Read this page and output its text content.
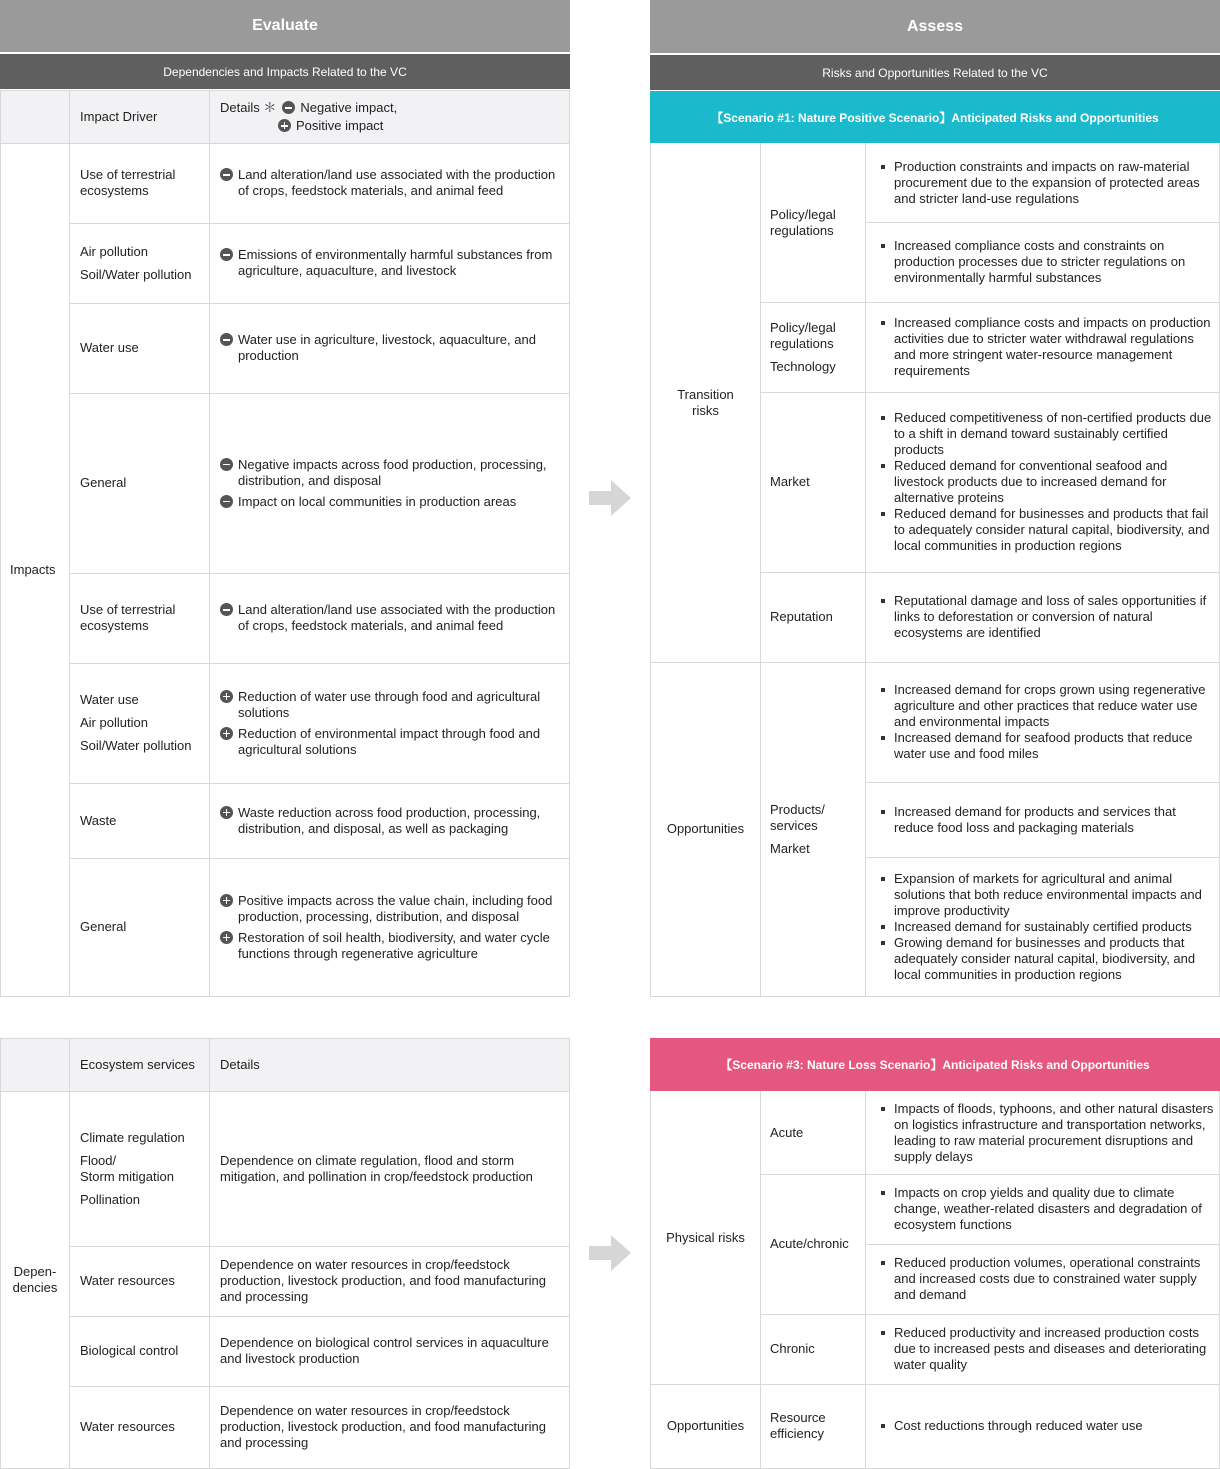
Evaluate
Dependencies and Impacts Related to the VC
Impact Driver
Details ＊ Negative impact,
Positive impact
Impacts
Use of terrestrial ecosystems
Land alteration/land use associated with the production of crops, feedstock materials, and animal feed
Air pollution
Soil/Water pollution
Emissions of environmentally harmful substances from agriculture, aquaculture, and livestock
Water use
Water use in agriculture, livestock, aquaculture, and production
General
Negative impacts across food production, processing, distribution, and disposal
Impact on local communities in production areas
Use of terrestrial ecosystems
Land alteration/land use associated with the production of crops, feedstock materials, and animal feed
Water use
Air pollution
Soil/Water pollution
Reduction of water use through food and agricultural solutions
Reduction of environmental impact through food and agricultural solutions
Waste
Waste reduction across food production, processing, distribution, and disposal, as well as packaging
General
Positive impacts across the value chain, including food production, processing, distribution, and disposal
Restoration of soil health, biodiversity, and water cycle functions through regenerative agriculture
Ecosystem services	Details
Depen-
dencies
Climate regulation
Flood/
Storm mitigation
Pollination
Dependence on climate regulation, flood and storm mitigation, and pollination in crop/feedstock production
Water resources
Dependence on water resources in crop/feedstock production, livestock production, and food manufacturing and processing
Biological control
Dependence on biological control services in aquaculture and livestock production
Water resources
Dependence on water resources in crop/feedstock production, livestock production, and food manufacturing and processing
Assess
Risks and Opportunities Related to the VC
【Scenario #1: Nature Positive Scenario】Anticipated Risks and Opportunities
Transition
risks
Opportunities
Policy/legal
regulations
Policy/legal
regulations
Technology
Market
Reputation
Products/
services
Market
Production constraints and impacts on raw-material procurement due to the expansion of protected areas and stricter land-use regulations
Increased compliance costs and constraints on production processes due to stricter regulations on environmentally harmful substances
Increased compliance costs and impacts on production activities due to stricter water withdrawal regulations and more stringent water-resource management requirements
Reduced competitiveness of non-certified products due to a shift in demand toward sustainably certified products
Reduced demand for conventional seafood and livestock products due to increased demand for alternative proteins
Reduced demand for businesses and products that fail to adequately consider natural capital, biodiversity, and local communities in production regions
Reputational damage and loss of sales opportunities if links to deforestation or conversion of natural ecosystems are identified
Increased demand for crops grown using regenerative agriculture and other practices that reduce water use and environmental impacts
Increased demand for seafood products that reduce water use and food miles
Increased demand for products and services that reduce food loss and packaging materials
Expansion of markets for agricultural and animal solutions that both reduce environmental impacts and improve productivity
Increased demand for sustainably certified products
Growing demand for businesses and products that adequately consider natural capital, biodiversity, and local communities in production regions
【Scenario #3: Nature Loss Scenario】Anticipated Risks and Opportunities
Physical risks
Opportunities
Acute
Acute/chronic
Chronic
Resource
efficiency
Impacts of floods, typhoons, and other natural disasters on logistics infrastructure and transportation networks, leading to raw material procurement disruptions and supply delays
Impacts on crop yields and quality due to climate change, weather-related disasters and degradation of ecosystem functions
Reduced production volumes, operational constraints and increased costs due to constrained water supply and demand
Reduced productivity and increased production costs due to increased pests and diseases and deteriorating water quality
Cost reductions through reduced water use
